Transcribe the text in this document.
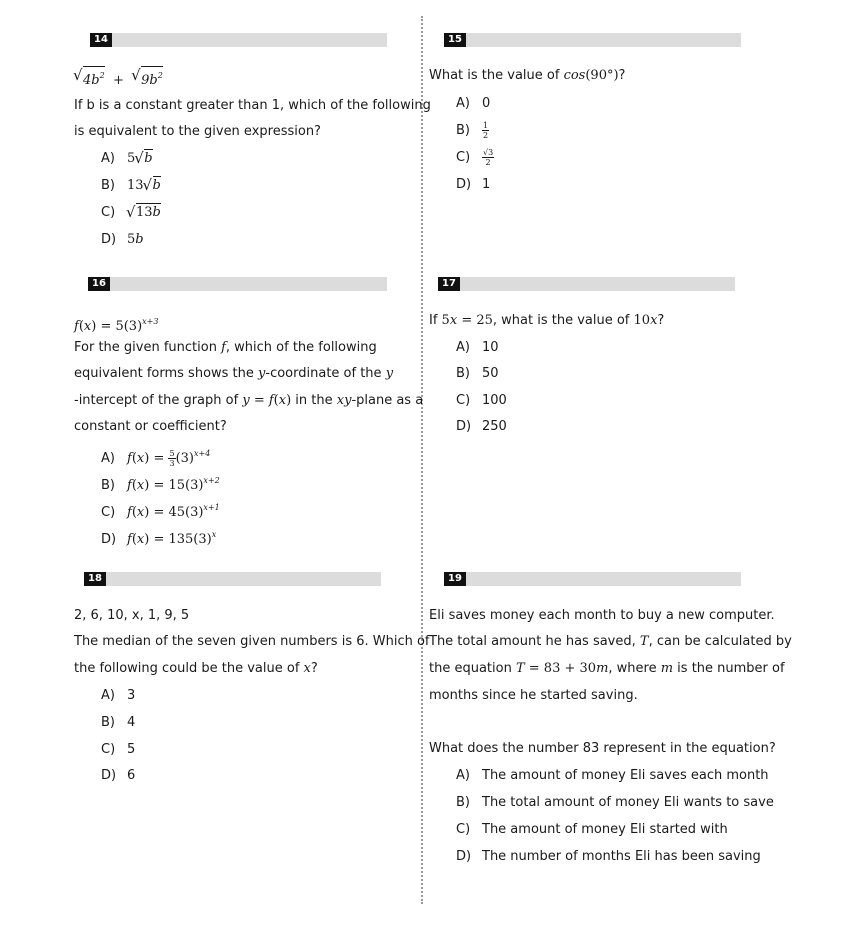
14
√ $4b^2$  +  √ $9b^2$
If b is a constant greater than 1, which of the following
is equivalent to the given expression?
A) 5 √ b
B) 13 √ b
C) √ 13b
D) 5b
15
What is the value of cos(90°)?
A) 0
$B) \frac{1}{2}$
$C) \frac{√3}{2}$
D) 1
16
$f(x) = 5(3)^{x+3}$
For the given function f, which of the following
equivalent forms shows the y-coordinate of the y
-intercept of the graph of y = f(x) in the xy-plane as a
constant or coefficient?
A) $f(x) = \frac{5}{3} (3)^{x+4}$
B) $f(x) = 15(3)^{x+2}$
C) $f(x) = 45(3)^{x+1}$
D) $f(x) = 135(3)^x$
17
If 5x = 25, what is the value of 10x?
A) 10
B) 50
C) 100
D) 250
18
2, 6, 10, x, 1, 9, 5
The median of the seven given numbers is 6. Which of
the following could be the value of x?
A) 3
B) 4
C) 5
D) 6
19
Eli saves money each month to buy a new computer.
The total amount he has saved, T, can be calculated by
the equation T = 83 + 30m, where m is the number of
months since he started saving.
What does the number 83 represent in the equation?
A) The amount of money Eli saves each month
B) The total amount of money Eli wants to save
C) The amount of money Eli started with
D) The number of months Eli has been saving
